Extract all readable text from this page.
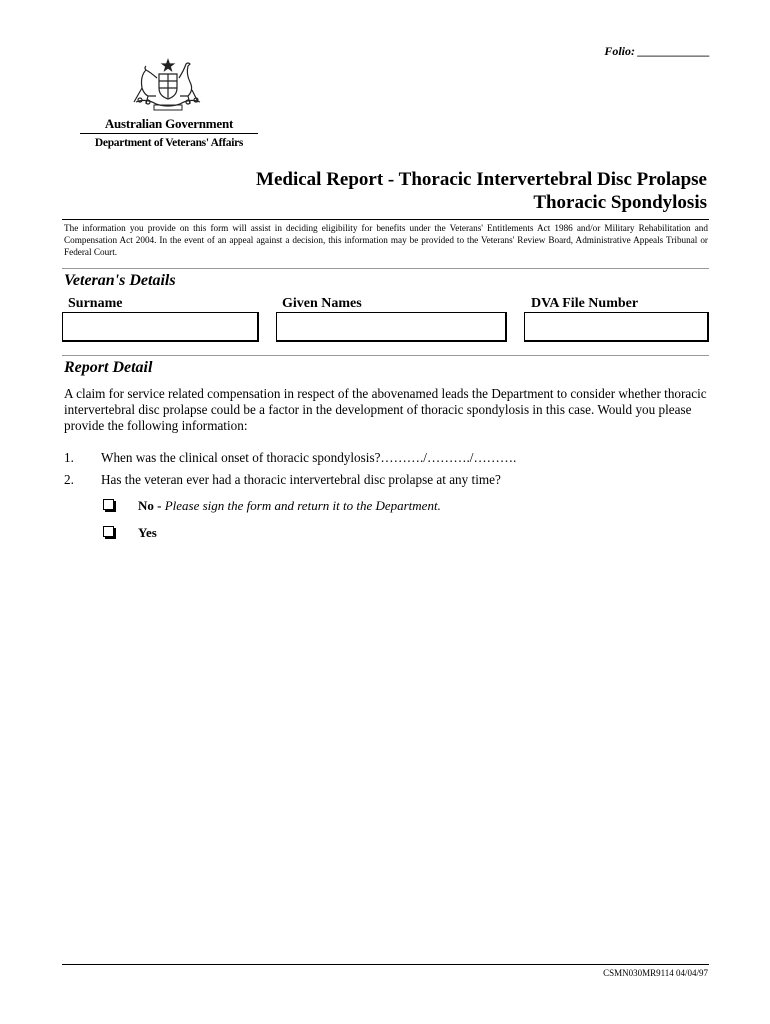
Folio: ____________
Australian Government
Department of Veterans' Affairs
Medical Report - Thoracic Intervertebral Disc Prolapse
Thoracic Spondylosis
The information you provide on this form will assist in deciding eligibility for benefits under the Veterans' Entitlements Act 1986 and/or Military Rehabilitation and Compensation Act 2004. In the event of an appeal against a decision, this information may be provided to the Veterans' Review Board, Administrative Appeals Tribunal or Federal Court.
Veteran's Details
Surname	Given Names	DVA File Number
Report Detail
A claim for service related compensation in respect of the abovenamed leads the Department to consider whether thoracic intervertebral disc prolapse could be a factor in the development of thoracic spondylosis in this case. Would you please provide the following information:
1. When was the clinical onset of thoracic spondylosis?………./………./……….
2. Has the veteran ever had a thoracic intervertebral disc prolapse at any time?
No - Please sign the form and return it to the Department.
Yes
CSMN030MR9114 04/04/97
